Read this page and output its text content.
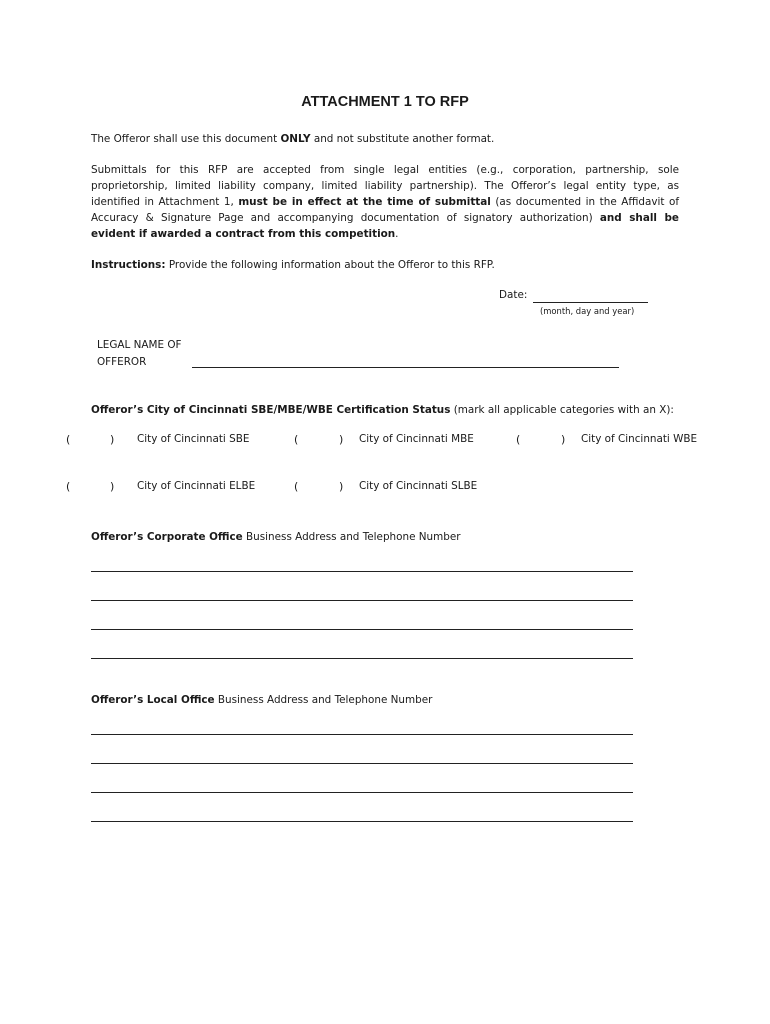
ATTACHMENT 1 TO RFP
The Offeror shall use this document ONLY and not substitute another format.
Submittals for this RFP are accepted from single legal entities (e.g., corporation, partnership, sole proprietorship, limited liability company, limited liability partnership). The Offeror’s legal entity type, as identified in Attachment 1, must be in effect at the time of submittal (as documented in the Affidavit of Accuracy & Signature Page and accompanying documentation of signatory authorization) and shall be evident if awarded a contract from this competition.
Instructions: Provide the following information about the Offeror to this RFP.
Date:
(month, day and year)
LEGAL NAME OF
OFFEROR
Offeror’s City of Cincinnati SBE/MBE/WBE Certification Status (mark all applicable categories with an X):
(	) City of Cincinnati SBE	(	) City of Cincinnati MBE	(	) City of Cincinnati WBE
(	) City of Cincinnati ELBE	(	) City of Cincinnati SLBE
Offeror’s Corporate Office Business Address and Telephone Number
Offeror’s Local Office Business Address and Telephone Number
